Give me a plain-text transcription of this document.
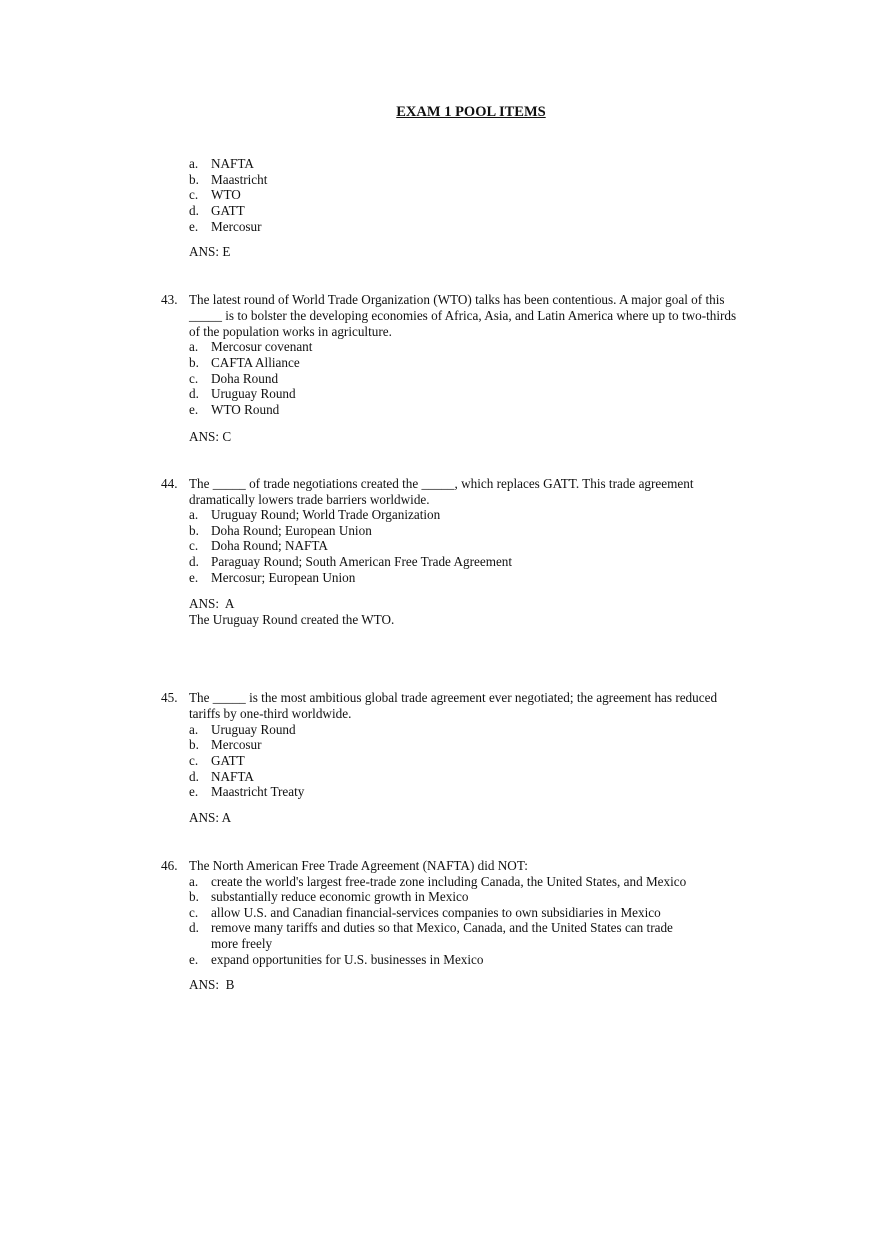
EXAM 1 POOL ITEMS
a. NAFTA
b. Maastricht
c. WTO
d. GATT
e. Mercosur
ANS: E
43. The latest round of World Trade Organization (WTO) talks has been contentious. A major goal of this _____ is to bolster the developing economies of Africa, Asia, and Latin America where up to two-thirds of the population works in agriculture.
a. Mercosur covenant
b. CAFTA Alliance
c. Doha Round
d. Uruguay Round
e. WTO Round
ANS: C
44. The _____ of trade negotiations created the _____, which replaces GATT. This trade agreement dramatically lowers trade barriers worldwide.
a. Uruguay Round; World Trade Organization
b. Doha Round; European Union
c. Doha Round; NAFTA
d. Paraguay Round; South American Free Trade Agreement
e. Mercosur; European Union
ANS:  A
The Uruguay Round created the WTO.
45. The _____ is the most ambitious global trade agreement ever negotiated; the agreement has reduced tariffs by one-third worldwide.
a. Uruguay Round
b. Mercosur
c. GATT
d. NAFTA
e. Maastricht Treaty
ANS: A
46. The North American Free Trade Agreement (NAFTA) did NOT:
a. create the world's largest free-trade zone including Canada, the United States, and Mexico
b. substantially reduce economic growth in Mexico
c. allow U.S. and Canadian financial-services companies to own subsidiaries in Mexico
d. remove many tariffs and duties so that Mexico, Canada, and the United States can trade more freely
e. expand opportunities for U.S. businesses in Mexico
ANS:  B
